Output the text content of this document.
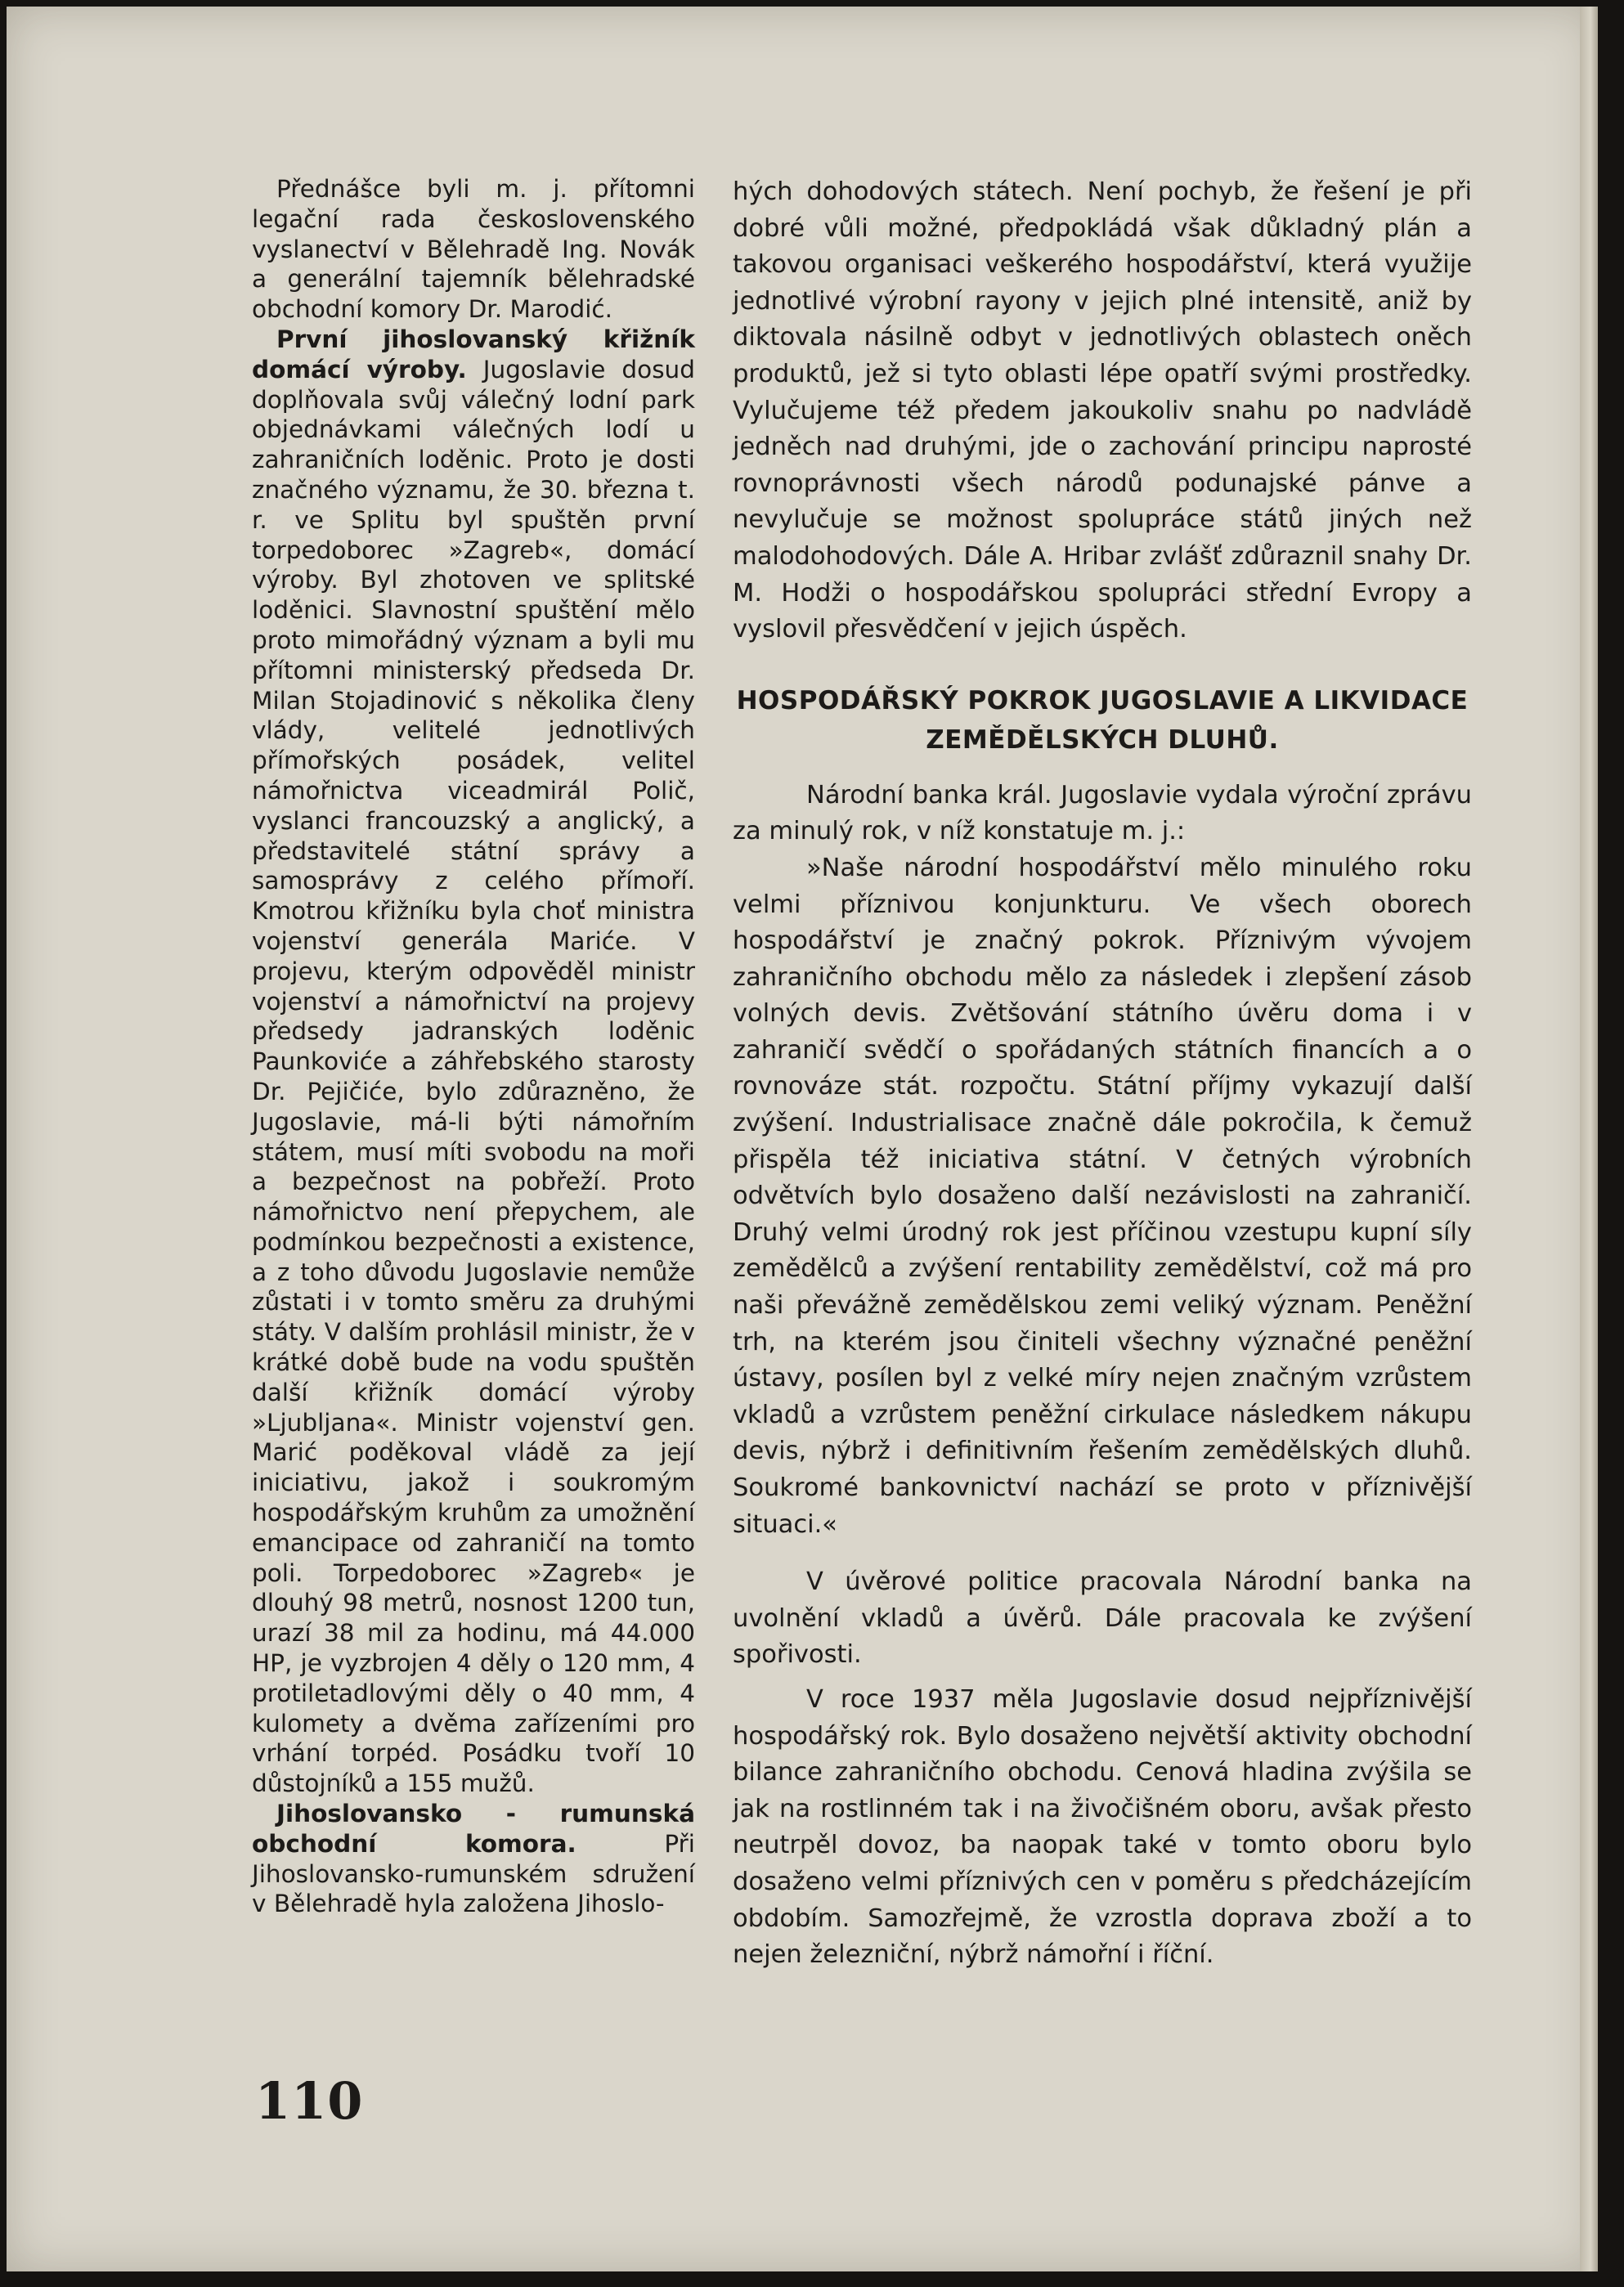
Přednášce byli m. j. přítomni legační rada československého vyslanectví v Bělehradě Ing. Novák a generální tajemník bělehradské obchodní komory Dr. Marodić.

První jihoslovanský křižník domácí výroby. Jugoslavie dosud doplňovala svůj válečný lodní park objednávkami válečných lodí u zahraničních loděnic. Proto je dosti značného významu, že 30. března t. r. ve Splitu byl spuštěn první torpedoborec »Zagreb«, domácí výroby. Byl zhotoven ve splitské loděnici. Slavnostní spuštění mělo proto mimořádný význam a byli mu přítomni ministerský předseda Dr. Milan Stojadinović s několika členy vlády, velitelé jednotlivých přímořských posádek, velitel námořnictva viceadmirál Polič, vyslanci francouzský a anglický, a představitelé státní správy a samosprávy z celého přímoří. Kmotrou křižníku byla choť ministra vojenství generála Mariće. V projevu, kterým odpověděl ministr vojenství a námořnictví na projevy předsedy jadranských loděnic Paunkoviće a záhřebského starosty Dr. Pejičiće, bylo zdůrazněno, že Jugoslavie, má-li býti námořním státem, musí míti svobodu na moři a bezpečnost na pobřeží. Proto námořnictvo není přepychem, ale podmínkou bezpečnosti a existence, a z toho důvodu Jugoslavie nemůže zůstati i v tomto směru za druhými státy. V dalším prohlásil ministr, že v krátké době bude na vodu spuštěn další křižník domácí výroby »Ljubljana«. Ministr vojenství gen. Marić poděkoval vládě za její iniciativu, jakož i soukromým hospodářským kruhům za umožnění emancipace od zahraničí na tomto poli. Torpedoborec »Zagreb« je dlouhý 98 metrů, nosnost 1200 tun, urazí 38 mil za hodinu, má 44.000 HP, je vyzbrojen 4 děly o 120 mm, 4 protiletadlovými děly o 40 mm, 4 kulomety a dvěma zařízeními pro vrhání torpéd. Posádku tvoří 10 důstojníků a 155 mužů.

Jihoslovansko - rumunská obchodní komora. Při Jihoslovansko-rumunském sdružení v Bělehradě hyla založena Jihoslo-

hých dohodových státech. Není pochyb, že řešení je při dobré vůli možné, předpokládá však důkladný plán a takovou organisaci veškerého hospodářství, která využije jednotlivé výrobní rayony v jejich plné intensitě, aniž by diktovala násilně odbyt v jednotlivých oblastech oněch produktů, jež si tyto oblasti lépe opatří svými prostředky. Vylučujeme též předem jakoukoliv snahu po nadvládě jedněch nad druhými, jde o zachování principu naprosté rovnoprávnosti všech národů podunajské pánve a nevylučuje se možnost spolupráce států jiných než malodohodových. Dále A. Hribar zvlášť zdůraznil snahy Dr. M. Hodži o hospodářskou spolupráci střední Evropy a vyslovil přesvědčení v jejich úspěch.

HOSPODÁŘSKÝ POKROK JUGOSLAVIE A LIKVIDACE ZEMĚDĚLSKÝCH DLUHŮ.

Národní banka král. Jugoslavie vydala výroční zprávu za minulý rok, v níž konstatuje m. j.:

»Naše národní hospodářství mělo minulého roku velmi příznivou konjunkturu. Ve všech oborech hospodářství je značný pokrok. Příznivým vývojem zahraničního obchodu mělo za následek i zlepšení zásob volných devis. Zvětšování státního úvěru doma i v zahraničí svědčí o spořádaných státních financích a o rovnováze stát. rozpočtu. Státní příjmy vykazují další zvýšení. Industrialisace značně dále pokročila, k čemuž přispěla též iniciativa státní. V četných výrobních odvětvích bylo dosaženo další nezávislosti na zahraničí. Druhý velmi úrodný rok jest příčinou vzestupu kupní síly zemědělců a zvýšení rentability zemědělství, což má pro naši převážně zemědělskou zemi veliký význam. Peněžní trh, na kterém jsou činiteli všechny význačné peněžní ústavy, posílen byl z velké míry nejen značným vzrůstem vkladů a vzrůstem peněžní cirkulace následkem nákupu devis, nýbrž i definitivním řešením zemědělských dluhů. Soukromé bankovnictví nachází se proto v příznivější situaci.«

V úvěrové politice pracovala Národní banka na uvolnění vkladů a úvěrů. Dále pracovala ke zvýšení spořivosti.

V roce 1937 měla Jugoslavie dosud nejpříznivější hospodářský rok. Bylo dosaženo největší aktivity obchodní bilance zahraničního obchodu. Cenová hladina zvýšila se jak na rostlinném tak i na živočišném oboru, avšak přesto neutrpěl dovoz, ba naopak také v tomto oboru bylo dosaženo velmi příznivých cen v poměru s předcházejícím obdobím. Samozřejmě, že vzrostla doprava zboží a to nejen železniční, nýbrž námořní i říční.

110
